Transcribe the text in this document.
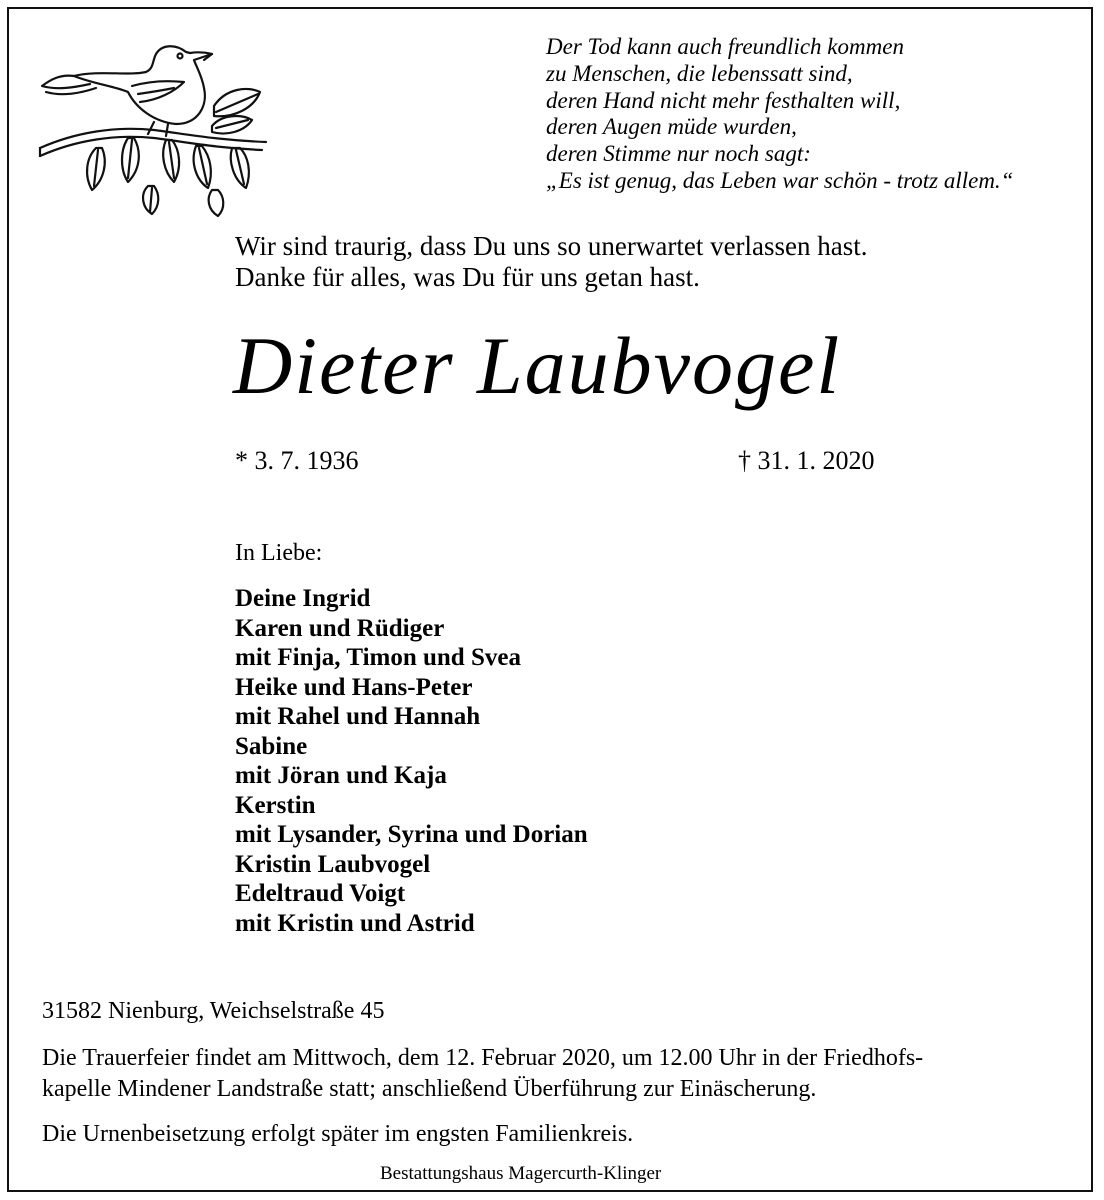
Der Tod kann auch freundlich kommen
zu Menschen, die lebenssatt sind,
deren Hand nicht mehr festhalten will,
deren Augen müde wurden,
deren Stimme nur noch sagt:
„Es ist genug, das Leben war schön - trotz allem.“
Wir sind traurig, dass Du uns so unerwartet verlassen hast.
Danke für alles, was Du für uns getan hast.
Dieter Laubvogel
* 3. 7. 1936	† 31. 1. 2020
In Liebe:
Deine Ingrid
Karen und Rüdiger
mit Finja, Timon und Svea
Heike und Hans-Peter
mit Rahel und Hannah
Sabine
mit Jöran und Kaja
Kerstin
mit Lysander, Syrina und Dorian
Kristin Laubvogel
Edeltraud Voigt
mit Kristin und Astrid
31582 Nienburg, Weichselstraße 45
Die Trauerfeier findet am Mittwoch, dem 12. Februar 2020, um 12.00 Uhr in der Friedhofs-
kapelle Mindener Landstraße statt; anschließend Überführung zur Einäscherung.
Die Urnenbeisetzung erfolgt später im engsten Familienkreis.
Bestattungshaus Magercurth-Klinger
